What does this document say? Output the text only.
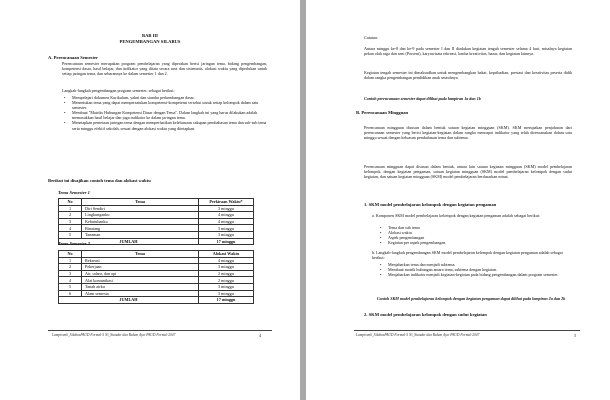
BAB III
PENGEMBANGAN SILABUS
A. Perencanaan Semester
Perencanaan semester merupakan program pembelajaran yang diperakan berisi jaringan tema, bidang pengembangan, kompetensi dasar, hasil belajar, dan indikator yang ditata secara urut dan sistematis, alokasi waktu yang diperlukan untuk setiap jaringan tema, dan sebarannya ke dalam semester 1 dan 2.
Langkah-langkah pengembangan program semester, sebagai berikut:
• Mempelajari dokumen Kurikulum, yakni dan standar perkembangan dasar.
• Menentukan tema yang dapat mempersatukan kompetensi-kompetensi tersebut untuk setiap kelompok dalam satu semester.
• Membuat "Matriks Hubungan Kompetensi Dasar dengan Tema". Dalam langkah ini yang harus dilakukan adalah memasukkan hasil belajar dan juga indikator ke dalam jaringan tema.
• Menetapkan pemetaan jaringan tema dengan memperhatikan keleluasaan cakupan pembahasan tema dan sub-sub tema serta minggu efektif sekolah, sesuai dengan alokasi waktu yang ditetapkan.
Berikut ini disajikan contoh tema dan alokasi waktu
Tema Semester 1
No	Tema	Perkiraan Waktu*
1	Diri Sendiri	3 minggu
2	Lingkunganku	4 minggu
3	Kebutuhanku	4 minggu
4	Binatang	3 minggu
5	Tanaman	3 minggu
JUMLAH		17 minggu
Tema Semester 2
No	Tema	Alokasi Waktu
1	Rekreasi	4 minggu
2	Pekerjaan	3 minggu
3	Air, udara, dan api	2 minggu
4	Alat komunikasi	2 minggu
5	Tanah airku	3 minggu
6	Alam semesta	3 minggu
JUMLAH		17 minggu
Lampiran6_SilabusPAUD Formal-5 Ni_Standar dan Bahan Ajar PAUD Formal-2007	4
Catatan:
Antara minggu ke-8 dan ke-9 pada semester I dan II diadakan kegiatan tengah semester selama 4 hari, misalnya kegiatan pekan olah raga dan seni (Porseni), karyawisata rekreasi, lomba kreativitas, bazar, dan kegiatan lainnya.
Kegiatan tengah semester ini dimaksudkan untuk mengembangkan bakat, kepribadian, prestasi dan kreativitas peserta didik dalam rangka pengembangan pendidikan anak seutuhnya.
Contoh perencanaan semester dapat dilihat pada lampiran 1a dan 1b
B. Perencanaan Mingguan
Perencanaan mingguan disusun dalam bentuk satuan kegiatan mingguan (SKM). SKM merupakan penjabaran dari perencanaan semester yang berisi kegiatan-kegiatan dalam rangka mencapai indikator yang telah direncanakan dalam satu minggu sesuai dengan keluasan pembahasan tema dan subtema.
Perencanaan mingguan dapat disusun dalam bentuk, antara lain satuan kegiatan mingguan (SKM) model pembelajaran kelompok, dengan kegiatan pengaman, satuan kegiatan mingguan (SKM) model pembelajaran kelompok dengan sudut kegiatan, dan satuan kegiatan mingguan (SKM) model pembelajaran berdasarkan minat.
1. SKM model pembelajaran kelompok dengan kegiatan pengaman
a. Komponen SKM model pembelajaran kelompok dengan kegiatan pengaman adalah sebagai berikut:
• Tema dan sub tema
• Alokasi waktu
• Aspek pengembangan
• Kegiatan per aspek pengembangan.
b. Langkah-langkah pengembangan SKM model pembelajaran kelompok dengan kegiatan pengaman adalah sebagai berikut:
• Menjabarkan tema dan menjadi subtema.
• Membuat matrik hubungan antara tema, subtema dengan kegiatan.
• Menjabarkan indikator menjadi kegiatan-kegiatan pada bidang pengembangan dalam program semester.
Contoh SKM model pembelajaran kelompok dengan kegiatan pengaman dapat dilihat pada lampiran 2a dan 2b
2. SKM model pembelajaran kelompok dengan sudut kegiatan
Lampiran6_SilabusPAUD Formal-5 Ni_Standar dan Bahan Ajar PAUD Formal-2007	5
